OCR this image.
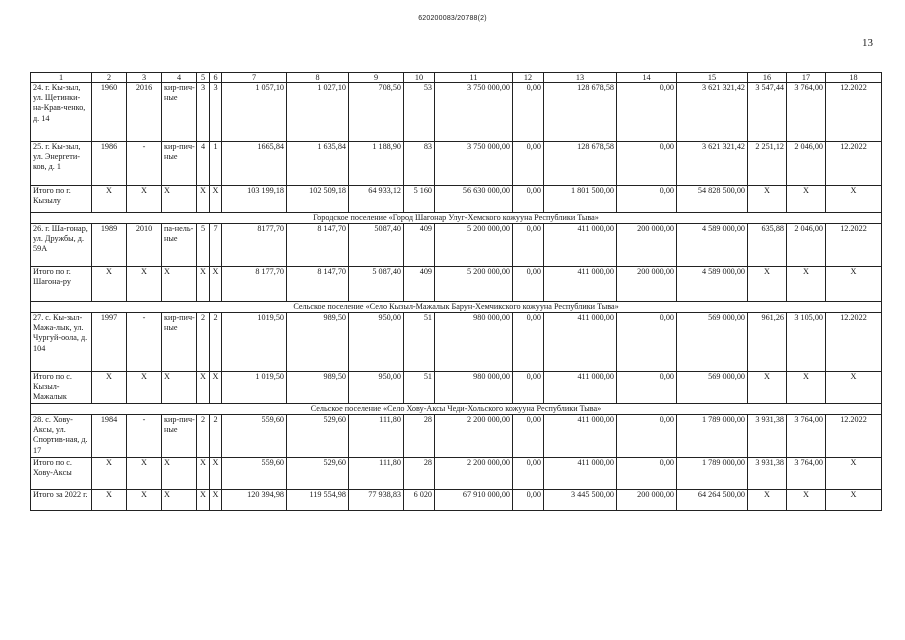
620200083/20788(2)
13
1	2	3	4	5	6	7	8	9	10	11	12	13	14	15	16	17	18
24. г. Кы-зыл, ул. Щетинки-на-Крав-ченко, д. 14	1960	2016	кир-пич-ные	3	3	1 057,10	1 027,10	708,50	53	3 750 000,00	0,00	128 678,58	0,00	3 621 321,42	3 547,44	3 764,00	12.2022
25. г. Кы-зыл, ул. Энергети-ков, д. 1	1986	-	кир-пич-ные	4	1	1665,84	1 635,84	1 188,90	83	3 750 000,00	0,00	128 678,58	0,00	3 621 321,42	2 251,12	2 046,00	12.2022
Итого по г. Кызылу	X	X	X	X	X	103 199,18	102 509,18	64 933,12	5 160	56 630 000,00	0,00	1 801 500,00	0,00	54 828 500,00	X	X	X
Городское поселение «Город Шагонар Улуг-Хемского кожууна Республики Тыва»																	
26. г. Ша-гонар, ул. Дружбы, д. 59А	1989	2010	па-нель-ные	5	7	8177,70	8 147,70	5087,40	409	5 200 000,00	0,00	411 000,00	200 000,00	4 589 000,00	635,88	2 046,00	12.2022
Итого по г. Шагона-ру	X	X	X	X	X	8 177,70	8 147,70	5 087,40	409	5 200 000,00	0,00	411 000,00	200 000,00	4 589 000,00	X	X	X
Сельское поселение «Село Кызыл-Мажалык Барун-Хемчикского кожууна Республики Тыва»																	
27. с. Кы-зыл-Мажа-лык, ул. Чургуй-оола, д. 104	1997	-	кир-пич-ные	2	2	1019,50	989,50	950,00	51	980 000,00	0,00	411 000,00	0,00	569 000,00	961,26	3 105,00	12.2022
Итого по с. Кызыл-Мажалык	X	X	X	X	X	1 019,50	989,50	950,00	51	980 000,00	0,00	411 000,00	0,00	569 000,00	X	X	X
Сельское поселение «Село Хову-Аксы Чеди-Хольского кожууна Республики Тыва»																	
28. с. Хову-Аксы, ул. Спортив-ная, д. 17	1984	-	кир-пич-ные	2	2	559,60	529,60	111,80	28	2 200 000,00	0,00	411 000,00	0,00	1 789 000,00	3 931,38	3 764,00	12.2022
Итого по с. Хову-Аксы	X	X	X	X	X	559,60	529,60	111,80	28	2 200 000,00	0,00	411 000,00	0,00	1 789 000,00	3 931,38	3 764,00	X
Итого за 2022 г.	X	X	X	X	X	120 394,98	119 554,98	77 938,83	6 020	67 910 000,00	0,00	3 445 500,00	200 000,00	64 264 500,00	X	X	X
